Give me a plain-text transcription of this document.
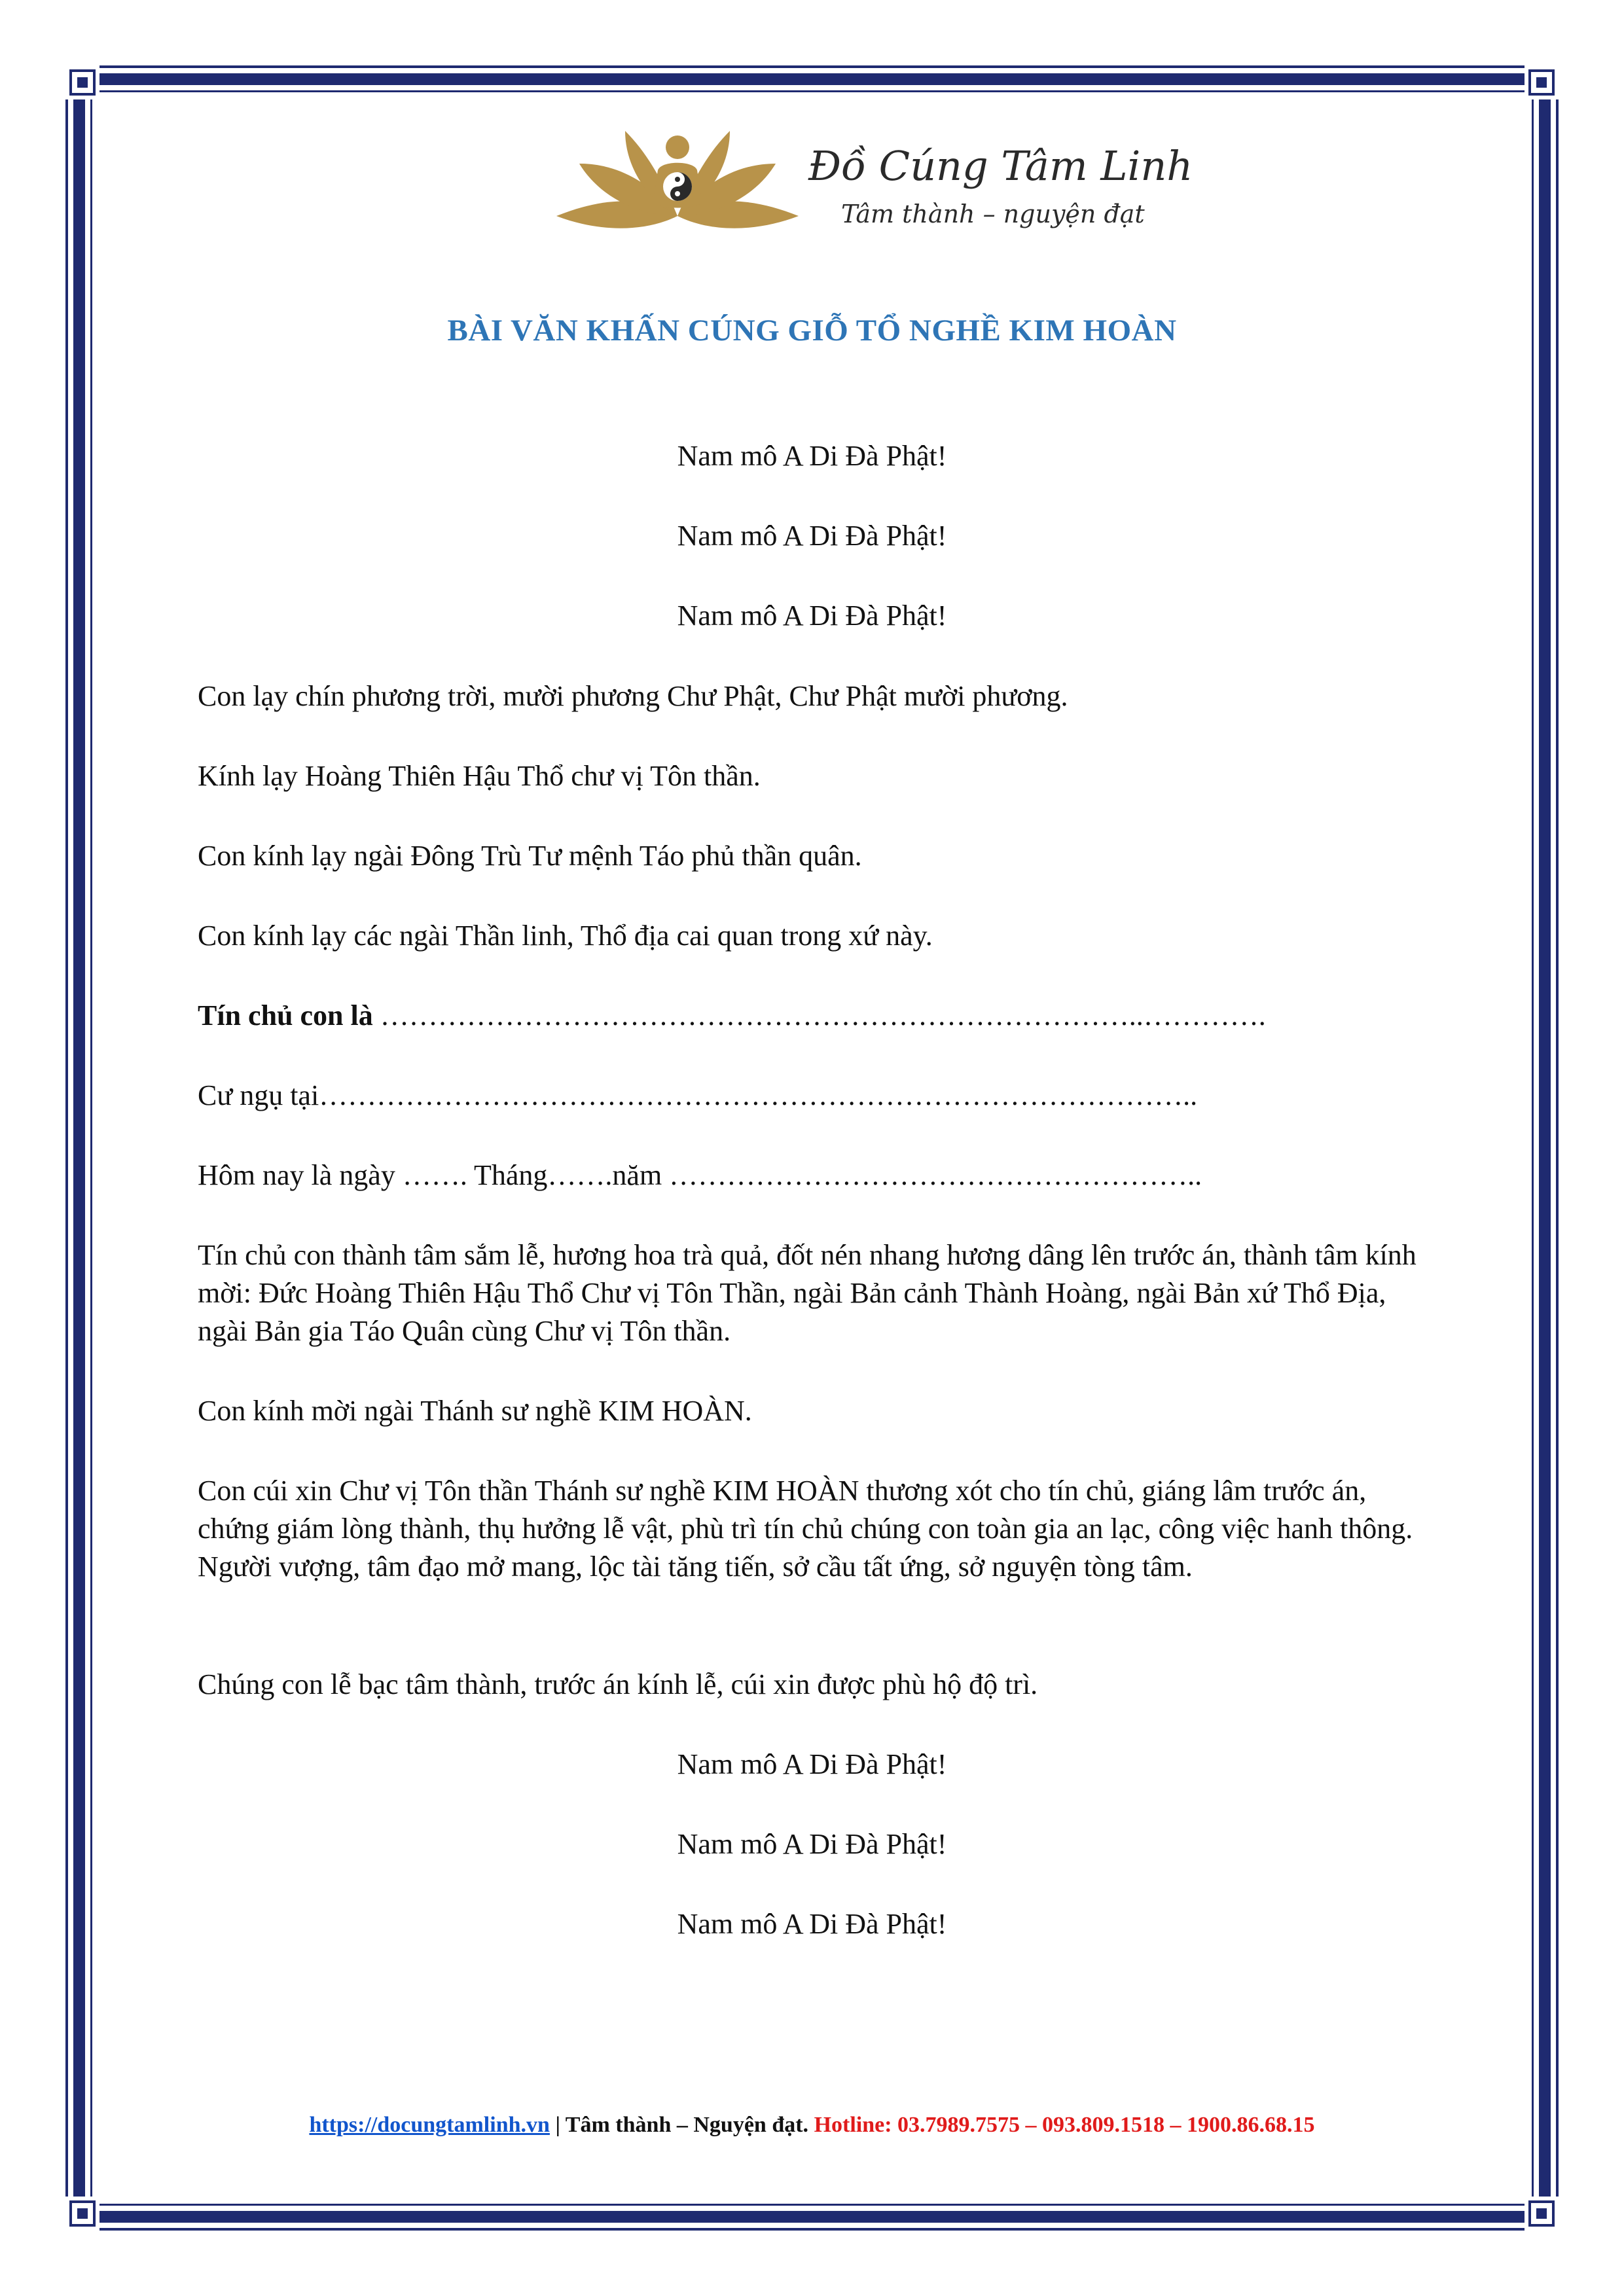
Đồ Cúng Tâm Linh
Tâm thành – nguyện đạt
BÀI VĂN KHẤN CÚNG GIỖ TỔ NGHỀ KIM HOÀN
Nam mô A Di Đà Phật!
Nam mô A Di Đà Phật!
Nam mô A Di Đà Phật!
Con lạy chín phương trời, mười phương Chư Phật, Chư Phật mười phương.
Kính lạy Hoàng Thiên Hậu Thổ chư vị Tôn thần.
Con kính lạy ngài Đông Trù Tư mệnh Táo phủ thần quân.
Con kính lạy các ngài Thần linh, Thổ địa cai quan trong xứ này.
Tín chủ con là ……………………………………………………………………..………….
Cư ngụ tại………………………………………………………………………………..
Hôm nay là ngày ……. Tháng…….năm ………………………………………………..
Tín chủ con thành tâm sắm lễ, hương hoa trà quả, đốt nén nhang hương dâng lên trước án, thành tâm kính mời: Đức Hoàng Thiên Hậu Thổ Chư vị Tôn Thần, ngài Bản cảnh Thành Hoàng, ngài Bản xứ Thổ Địa, ngài Bản gia Táo Quân cùng Chư vị Tôn thần.
Con kính mời ngài Thánh sư nghề KIM HOÀN.
Con cúi xin Chư vị Tôn thần Thánh sư nghề KIM HOÀN thương xót cho tín chủ, giáng lâm trước án, chứng giám lòng thành, thụ hưởng lễ vật, phù trì tín chủ chúng con toàn gia an lạc, công việc hanh thông. Người vượng, tâm đạo mở mang, lộc tài tăng tiến, sở cầu tất ứng, sở nguyện tòng tâm.
Chúng con lễ bạc tâm thành, trước án kính lễ, cúi xin được phù hộ độ trì.
Nam mô A Di Đà Phật!
Nam mô A Di Đà Phật!
Nam mô A Di Đà Phật!
https://docungtamlinh.vn | Tâm thành – Nguyện đạt. Hotline: 03.7989.7575 – 093.809.1518 – 1900.86.68.15
